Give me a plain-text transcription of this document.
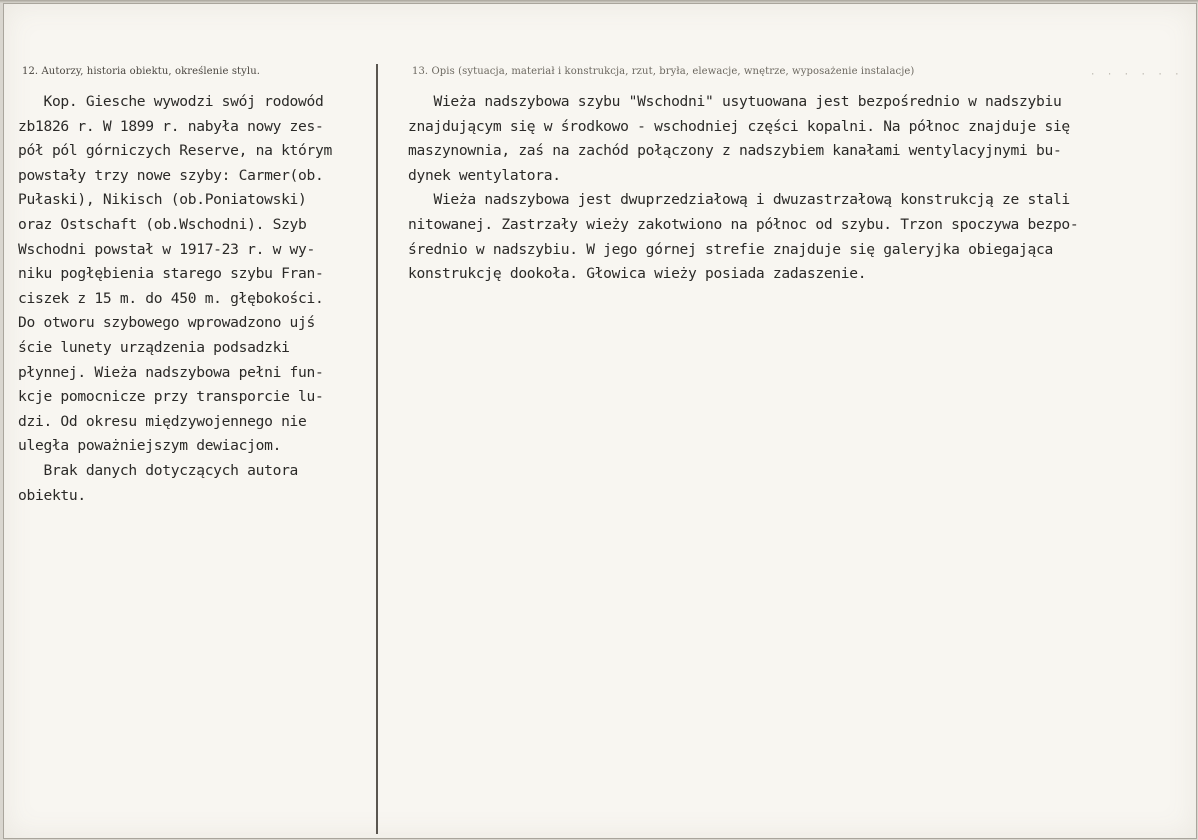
12. Autorzy, historia obiektu, określenie stylu.	13. Opis (sytuacja, materiał i konstrukcja, rzut, bryła, elewacje, wnętrze, wyposażenie instalacje)	· · · · · ·
Kop. Giesche wywodzi swój rodowód
zb1826 r. W 1899 r. nabyła nowy zes-
pół pól górniczych Reserve, na którym
powstały trzy nowe szyby: Carmer(ob.
Pułaski), Nikisch (ob.Poniatowski)
oraz Ostschaft (ob.Wschodni). Szyb
Wschodni powstał w 1917-23 r. w wy-
niku pogłębienia starego szybu Fran-
ciszek z 15 m. do 450 m. głębokości.
Do otworu szybowego wprowadzono ujś
ście lunety urządzenia podsadzki
płynnej. Wieża nadszybowa pełni fun-
kcje pomocnicze przy transporcie lu-
dzi. Od okresu międzywojennego nie
uległa poważniejszym dewiacjom.
Brak danych dotyczących autora
obiektu.
Wieża nadszybowa szybu "Wschodni" usytuowana jest bezpośrednio w nadszybiu
znajdującym się w środkowo - wschodniej części kopalni. Na północ znajduje się
maszynownia, zaś na zachód połączony z nadszybiem kanałami wentylacyjnymi bu-
dynek wentylatora.
Wieża nadszybowa jest dwuprzedziałową i dwuzastrzałową konstrukcją ze stali
nitowanej. Zastrzały wieży zakotwiono na północ od szybu. Trzon spoczywa bezpo-
średnio w nadszybiu. W jego górnej strefie znajduje się galeryjka obiegająca
konstrukcję dookoła. Głowica wieży posiada zadaszenie.
